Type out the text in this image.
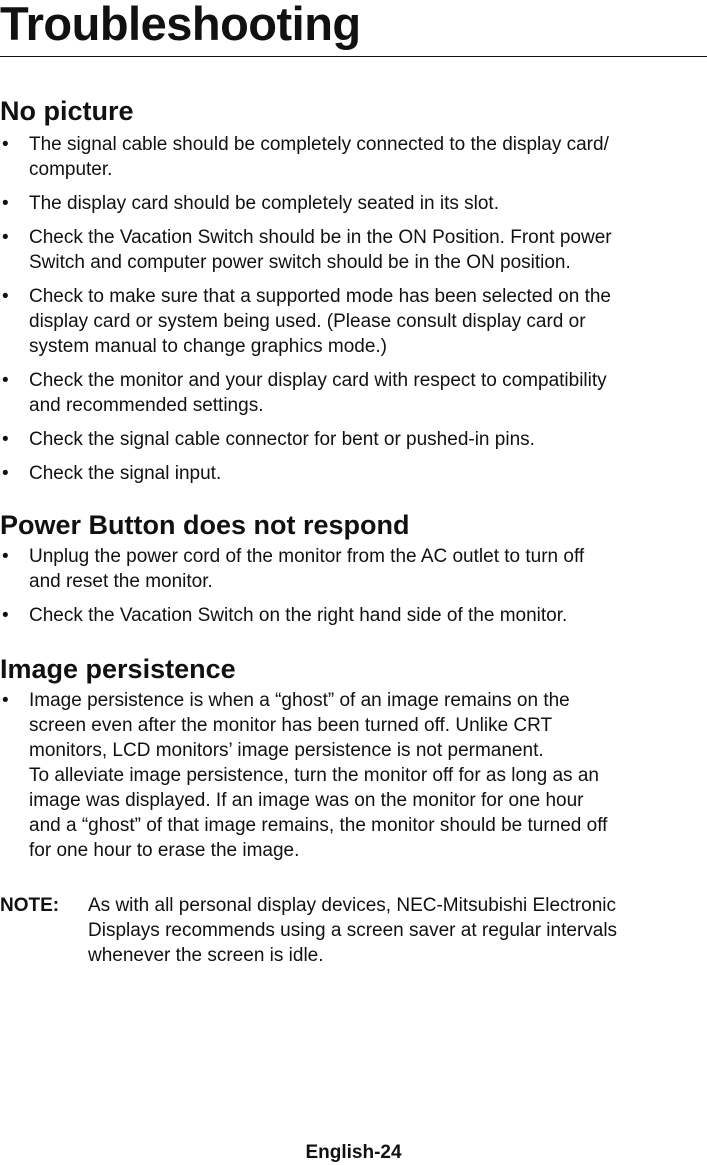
Troubleshooting
No picture
• The signal cable should be completely connected to the display card/
computer.
• The display card should be completely seated in its slot.
• Check the Vacation Switch should be in the ON Position. Front power
Switch and computer power switch should be in the ON position.
• Check to make sure that a supported mode has been selected on the
display card or system being used. (Please consult display card or
system manual to change graphics mode.)
• Check the monitor and your display card with respect to compatibility
and recommended settings.
• Check the signal cable connector for bent or pushed-in pins.
• Check the signal input.
Power Button does not respond
• Unplug the power cord of the monitor from the AC outlet to turn off
and reset the monitor.
• Check the Vacation Switch on the right hand side of the monitor.
Image persistence
• Image persistence is when a “ghost” of an image remains on the
screen even after the monitor has been turned off. Unlike CRT
monitors, LCD monitors’ image persistence is not permanent.
To alleviate image persistence, turn the monitor off for as long as an
image was displayed. If an image was on the monitor for one hour
and a “ghost” of that image remains, the monitor should be turned off
for one hour to erase the image.
NOTE: As with all personal display devices, NEC-Mitsubishi Electronic
Displays recommends using a screen saver at regular intervals
whenever the screen is idle.
English-24
